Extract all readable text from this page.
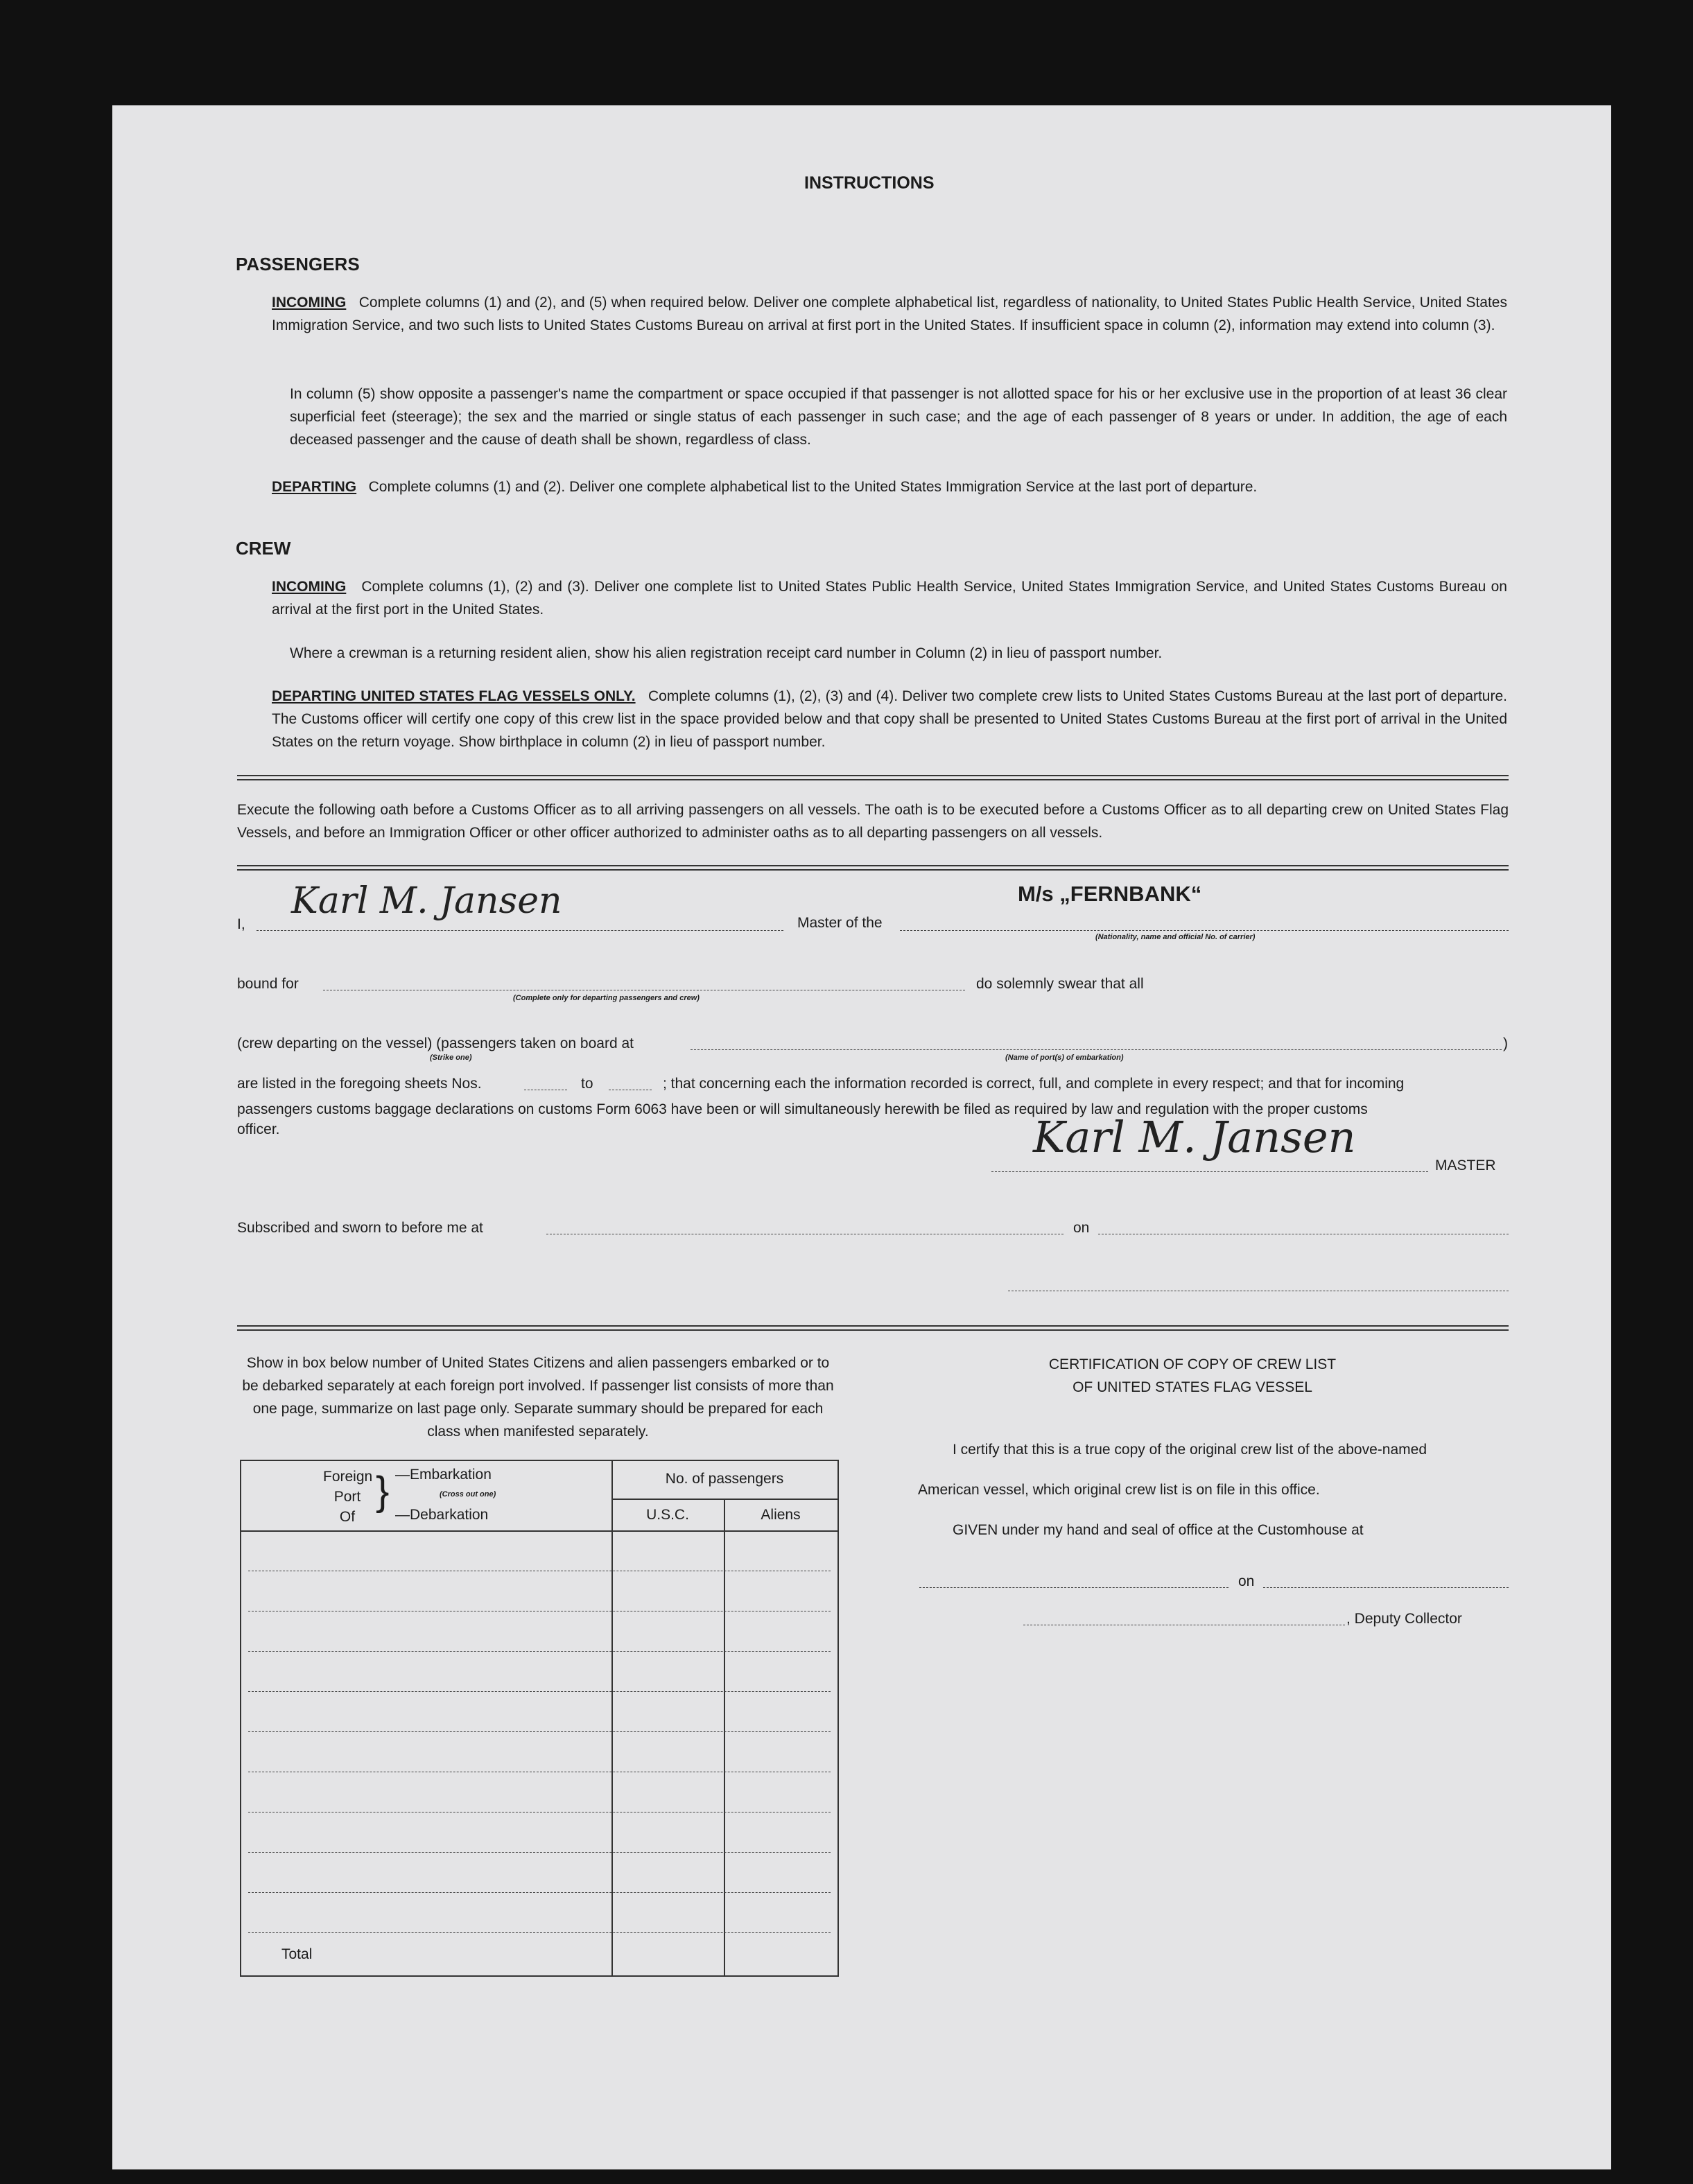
INSTRUCTIONS
PASSENGERS
INCOMING Complete columns (1) and (2), and (5) when required below. Deliver one complete alphabetical list, regardless of nationality, to United States Public Health Service, United States Immigration Service, and two such lists to United States Customs Bureau on arrival at first port in the United States. If insufficient space in column (2), information may extend into column (3).
In column (5) show opposite a passenger's name the compartment or space occupied if that passenger is not allotted space for his or her exclusive use in the proportion of at least 36 clear superficial feet (steerage); the sex and the married or single status of each passenger in such case; and the age of each passenger of 8 years or under. In addition, the age of each deceased passenger and the cause of death shall be shown, regardless of class.
DEPARTING Complete columns (1) and (2). Deliver one complete alphabetical list to the United States Immigration Service at the last port of departure.
CREW
INCOMING Complete columns (1), (2) and (3). Deliver one complete list to United States Public Health Service, United States Immigration Service, and United States Customs Bureau on arrival at the first port in the United States.
Where a crewman is a returning resident alien, show his alien registration receipt card number in Column (2) in lieu of passport number.
DEPARTING UNITED STATES FLAG VESSELS ONLY. Complete columns (1), (2), (3) and (4). Deliver two complete crew lists to United States Customs Bureau at the last port of departure. The Customs officer will certify one copy of this crew list in the space provided below and that copy shall be presented to United States Customs Bureau at the first port of arrival in the United States on the return voyage. Show birthplace in column (2) in lieu of passport number.
Execute the following oath before a Customs Officer as to all arriving passengers on all vessels. The oath is to be executed before a Customs Officer as to all departing crew on United States Flag Vessels, and before an Immigration Officer or other officer authorized to administer oaths as to all departing passengers on all vessels.
I,
Karl M. Jansen
Master of the
M/s „FERNBANK“
(Nationality, name and official No. of carrier)
bound for
(Complete only for departing passengers and crew)
do solemnly swear that all
(crew departing on the vessel) (passengers taken on board at	)
(Strike one)	(Name of port(s) of embarkation)
are listed in the foregoing sheets Nos.	to	; that concerning each the information recorded is correct, full, and complete in every respect; and that for incoming
passengers customs baggage declarations on customs Form 6063 have been or will simultaneously herewith be filed as required by law and regulation with the proper customs
officer.	Karl M. Jansen
MASTER
Subscribed and sworn to before me at	on
Show in box below number of United States Citizens and alien passengers embarked or to be debarked separately at each foreign port involved. If passenger list consists of more than one page, summarize on last page only. Separate summary should be prepared for each class when manifested separately.
Foreign
Port
Of
} —Embarkation
(Cross out one)
—Debarkation
No. of passengers
U.S.C.	Aliens
Total
CERTIFICATION OF COPY OF CREW LIST
OF UNITED STATES FLAG VESSEL
I certify that this is a true copy of the original crew list of the above-named
American vessel, which original crew list is on file in this office.
GIVEN under my hand and seal of office at the Customhouse at
on
, Deputy Collector
